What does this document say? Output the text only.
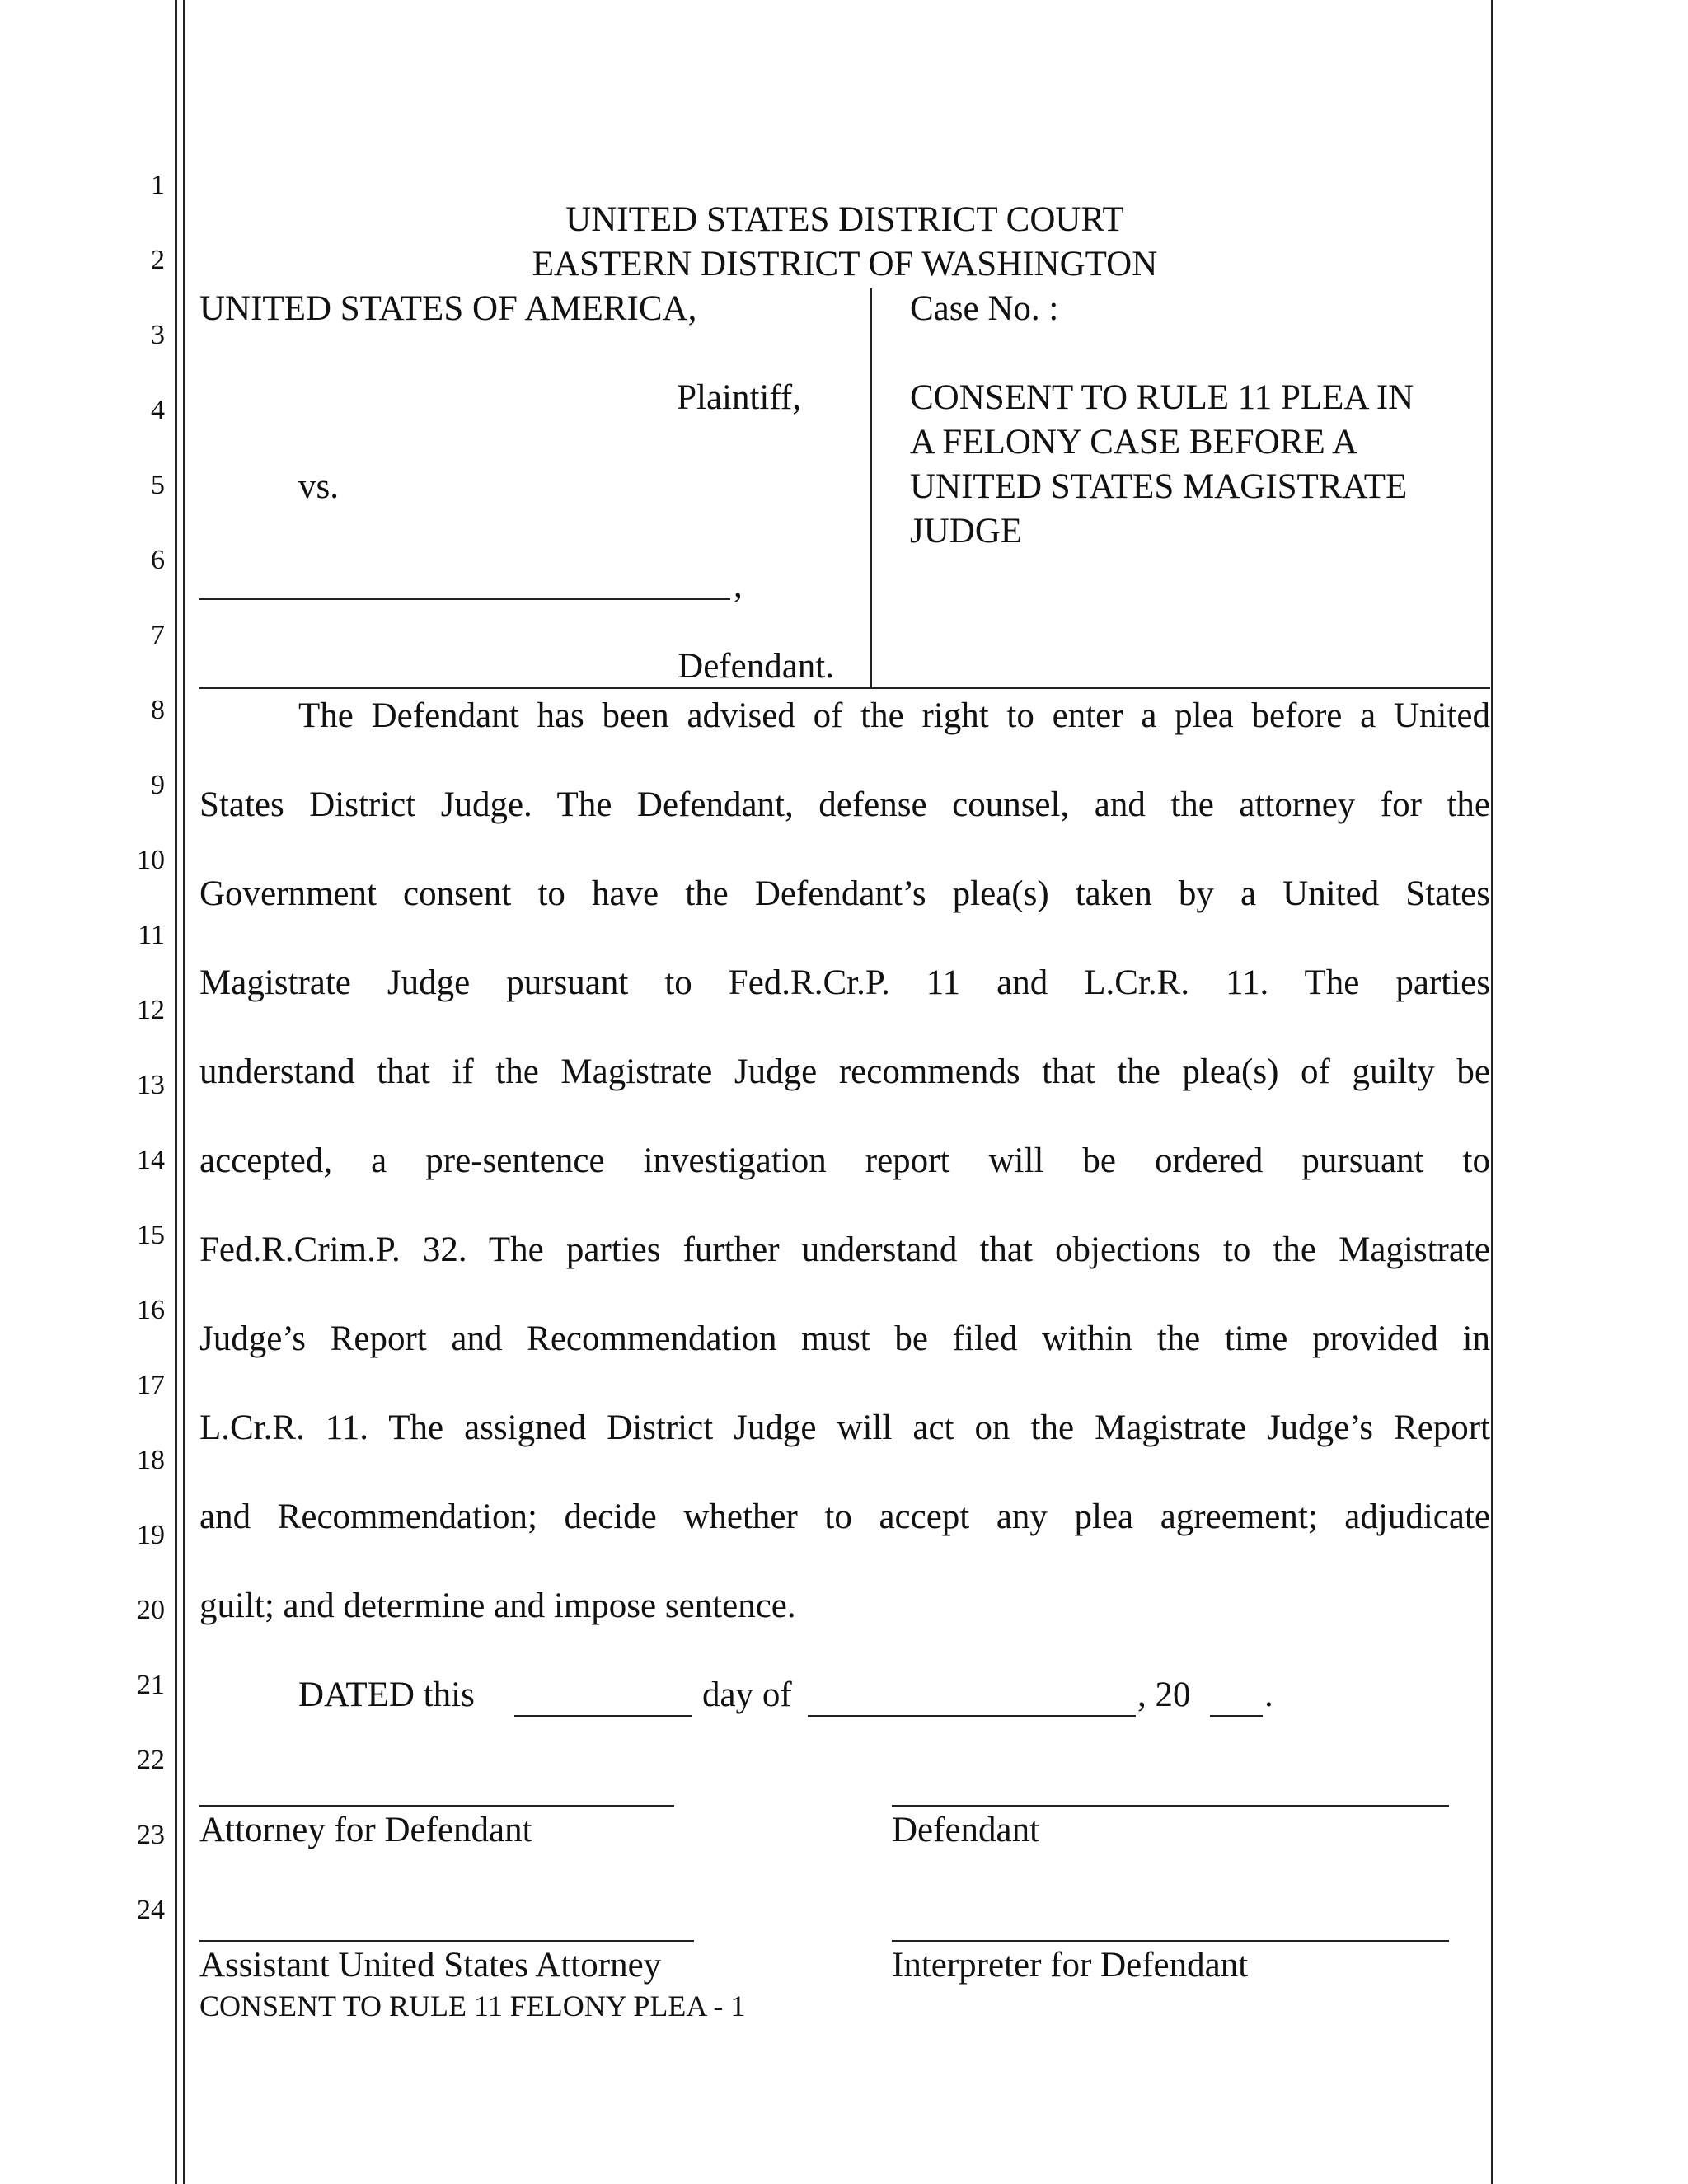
1
2
3
4
5
6
7
8
9
10
11
12
13
14
15
16
17
18
19
20
21
22
23
24
UNITED STATES DISTRICT COURT
EASTERN DISTRICT OF WASHINGTON
UNITED STATES OF AMERICA,
Plaintiff,
vs.
,
Defendant.
Case No. :
CONSENT TO RULE 11 PLEA IN
A FELONY CASE BEFORE A
UNITED STATES MAGISTRATE
JUDGE
The Defendant has been advised of the right to enter a plea before a United
States District Judge. The Defendant, defense counsel, and the attorney for the
Government consent to have the Defendant’s plea(s) taken by a United States
Magistrate Judge pursuant to Fed.R.Cr.P. 11 and L.Cr.R. 11. The parties
understand that if the Magistrate Judge recommends that the plea(s) of guilty be
accepted, a pre-sentence investigation report will be ordered pursuant to
Fed.R.Crim.P. 32. The parties further understand that objections to the Magistrate
Judge’s Report and Recommendation must be filed within the time provided in
L.Cr.R. 11. The assigned District Judge will act on the Magistrate Judge’s Report
and Recommendation; decide whether to accept any plea agreement; adjudicate
guilt; and determine and impose sentence.
DATED this	day of	, 20 .
Attorney for Defendant	Defendant
Assistant United States Attorney	Interpreter for Defendant
CONSENT TO RULE 11 FELONY PLEA - 1
